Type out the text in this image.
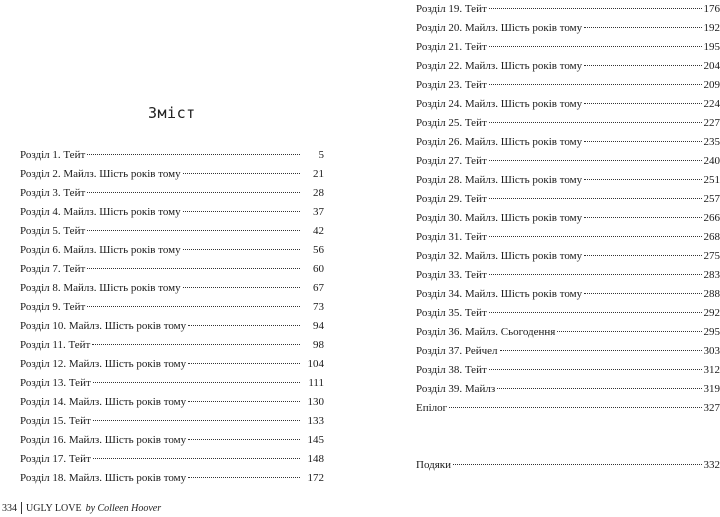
Зміст
Розділ 1. Тейт	5
Розділ 2. Майлз. Шість років тому	21
Розділ 3. Тейт	28
Розділ 4. Майлз. Шість років тому	37
Розділ 5. Тейт	42
Розділ 6. Майлз. Шість років тому	56
Розділ 7. Тейт	60
Розділ 8. Майлз. Шість років тому	67
Розділ 9. Тейт	73
Розділ 10. Майлз. Шість років тому	94
Розділ 11. Тейт	98
Розділ 12. Майлз. Шість років тому	104
Розділ 13. Тейт	111
Розділ 14. Майлз. Шість років тому	130
Розділ 15. Тейт	133
Розділ 16. Майлз. Шість років тому	145
Розділ 17. Тейт	148
Розділ 18. Майлз. Шість років тому	172
334 UGLY LOVE by Colleen Hoover
Розділ 19. Тейт	176
Розділ 20. Майлз. Шість років тому	192
Розділ 21. Тейт	195
Розділ 22. Майлз. Шість років тому	204
Розділ 23. Тейт	209
Розділ 24. Майлз. Шість років тому	224
Розділ 25. Тейт	227
Розділ 26. Майлз. Шість років тому	235
Розділ 27. Тейт	240
Розділ 28. Майлз. Шість років тому	251
Розділ 29. Тейт	257
Розділ 30. Майлз. Шість років тому	266
Розділ 31. Тейт	268
Розділ 32. Майлз. Шість років тому	275
Розділ 33. Тейт	283
Розділ 34. Майлз. Шість років тому	288
Розділ 35. Тейт	292
Розділ 36. Майлз. Сьогодення	295
Розділ 37. Рейчел	303
Розділ 38. Тейт	312
Розділ 39. Майлз	319
Епілог	327
Подяки	332
